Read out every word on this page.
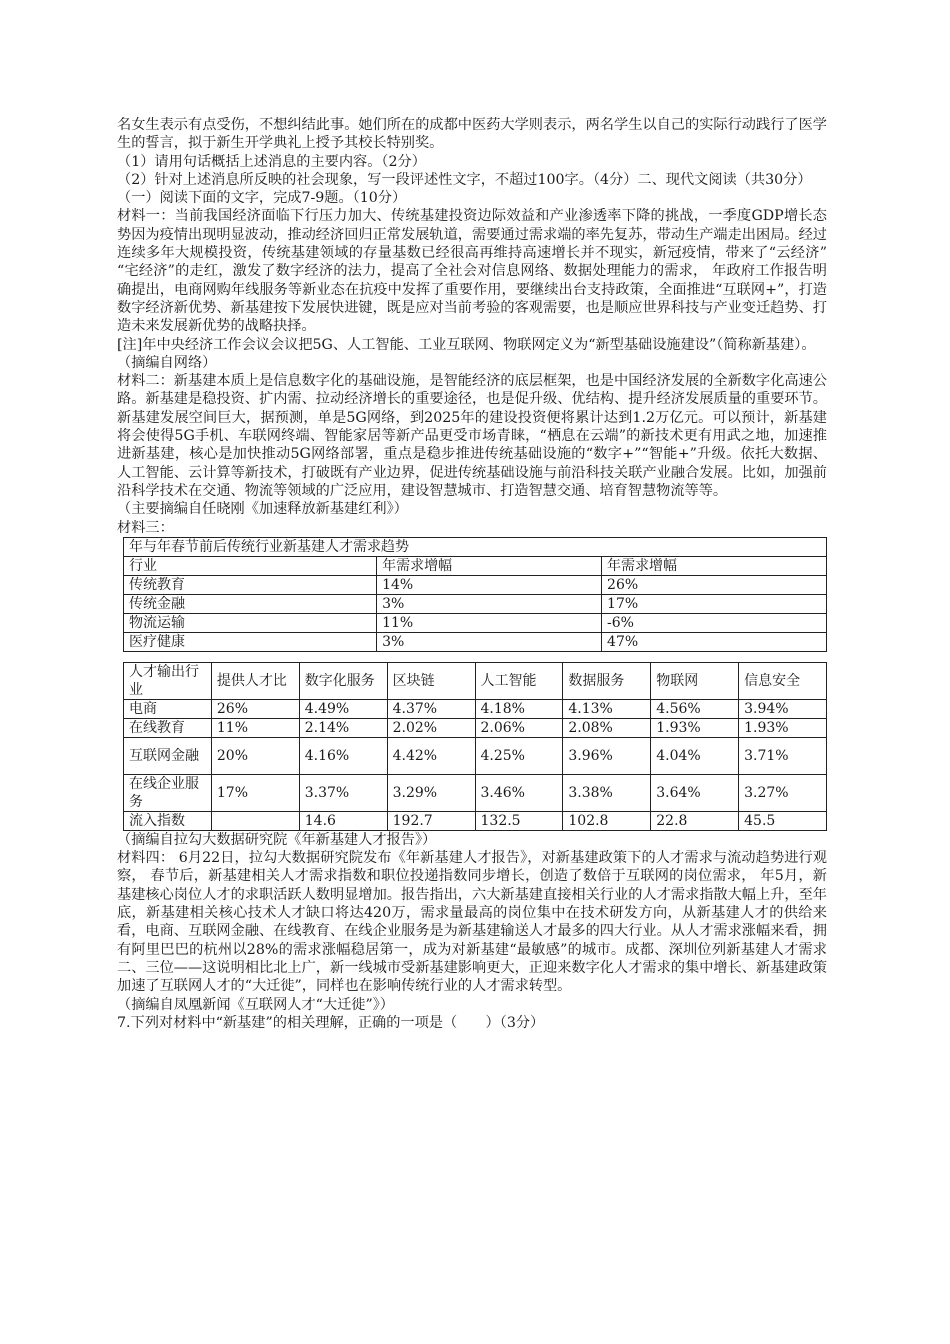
名女生表示有点受伤，不想纠结此事。她们所在的成都中医药大学则表示，两名学生以自己的实际行动践行了医学生的誓言，拟于新生开学典礼上授予其校长特别奖。

（1）请用句话概括上述消息的主要内容。（2分）

（2）针对上述消息所反映的社会现象，写一段评述性文字，不超过100字。（4分）二、现代文阅读（共30分）

（一）阅读下面的文字，完成7-9题。（10分）

材料一：当前我国经济面临下行压力加大、传统基建投资边际效益和产业渗透率下降的挑战，一季度GDP增长态势因为疫情出现明显波动，推动经济回归正常发展轨道，需要通过需求端的率先复苏，带动生产端走出困局。经过连续多年大规模投资，传统基建领域的存量基数已经很高再维持高速增长并不现实，新冠疫情，带来了“云经济” “宅经济”的走红，激发了数字经济的法力，提高了全社会对信息网络、数据处理能力的需求， 年政府工作报告明确提出，电商网购年线服务等新业态在抗疫中发挥了重要作用，要继续出台支持政策，全面推进“互联网+”，打造数字经济新优势、新基建按下发展快进键，既是应对当前考验的客观需要，也是顺应世界科技与产业变迁趋势、打造未来发展新优势的战略抉择。

[注]年中央经济工作会议会议把5G、人工智能、工业互联网、物联网定义为“新型基础设施建设”（简称新基建）。

（摘编自网络）

材料二：新基建本质上是信息数字化的基础设施，是智能经济的底层框架，也是中国经济发展的全新数字化高速公路。新基建是稳投资、扩内需、拉动经济增长的重要途径，也是促升级、优结构、提升经济发展质量的重要环节。新基建发展空间巨大，据预测，单是5G网络，到2025年的建设投资便将累计达到1.2万亿元。可以预计，新基建将会使得5G手机、车联网终端、智能家居等新产品更受市场青睐，“栖息在云端”的新技术更有用武之地，加速推进新基建，核心是加快推动5G网络部署，重点是稳步推进传统基础设施的“数字+”“智能+”升级。依托大数据、人工智能、云计算等新技术，打破既有产业边界，促进传统基础设施与前沿科技关联产业融合发展。比如，加强前沿科学技术在交通、物流等领域的广泛应用，建设智慧城市、打造智慧交通、培育智慧物流等等。

（主要摘编自任晓刚《加速释放新基建红利》）

材料三：

年与年春节前后传统行业新基建人才需求趋势		
行业	年需求增幅	年需求增幅
传统教育	14%	26%
传统金融	3%	17%
物流运输	11%	-6%
医疗健康	3%	47%
人才输出行业	提供人才比	数字化服务	区块链	人工智能	数据服务	物联网	信息安全
电商	26%	4.49%	4.37%	4.18%	4.13%	4.56%	3.94%
在线教育	11%	2.14%	2.02%	2.06%	2.08%	1.93%	1.93%
互联网金融	20%	4.16%	4.42%	4.25%	3.96%	4.04%	3.71%
在线企业服务	17%	3.37%	3.29%	3.46%	3.38%	3.64%	3.27%
流入指数		14.6	192.7	132.5	102.8	22.8	45.5

（摘编自拉勾大数据研究院《年新基建人才报告》）

材料四： 6月22日，拉勾大数据研究院发布《年新基建人才报告》，对新基建政策下的人才需求与流动趋势进行观察， 春节后，新基建相关人才需求指数和职位投递指数同步增长，创造了数倍于互联网的岗位需求， 年5月，新基建核心岗位人才的求职活跃人数明显增加。报告指出，六大新基建直接相关行业的人才需求指散大幅上升，至年底，新基建相关核心技术人才缺口将达420万，需求量最高的岗位集中在技术研发方向，从新基建人才的供给来看，电商、互联网金融、在线教育、在线企业服务是为新基建输送人才最多的四大行业。从人才需求涨幅来看，拥有阿里巴巴的杭州以28%的需求涨幅稳居第一，成为对新基建“最敏感”的城市。成都、深圳位列新基建人才需求二、三位——这说明相比北上广，新一线城市受新基建影响更大，正迎来数字化人才需求的集中增长、新基建政策加速了互联网人才的“大迁徙”，同样也在影响传统行业的人才需求转型。

（摘编自凤凰新闻《互联网人才“大迁徙”》）

7.下列对材料中“新基建”的相关理解，正确的一项是（　　）（3分）
